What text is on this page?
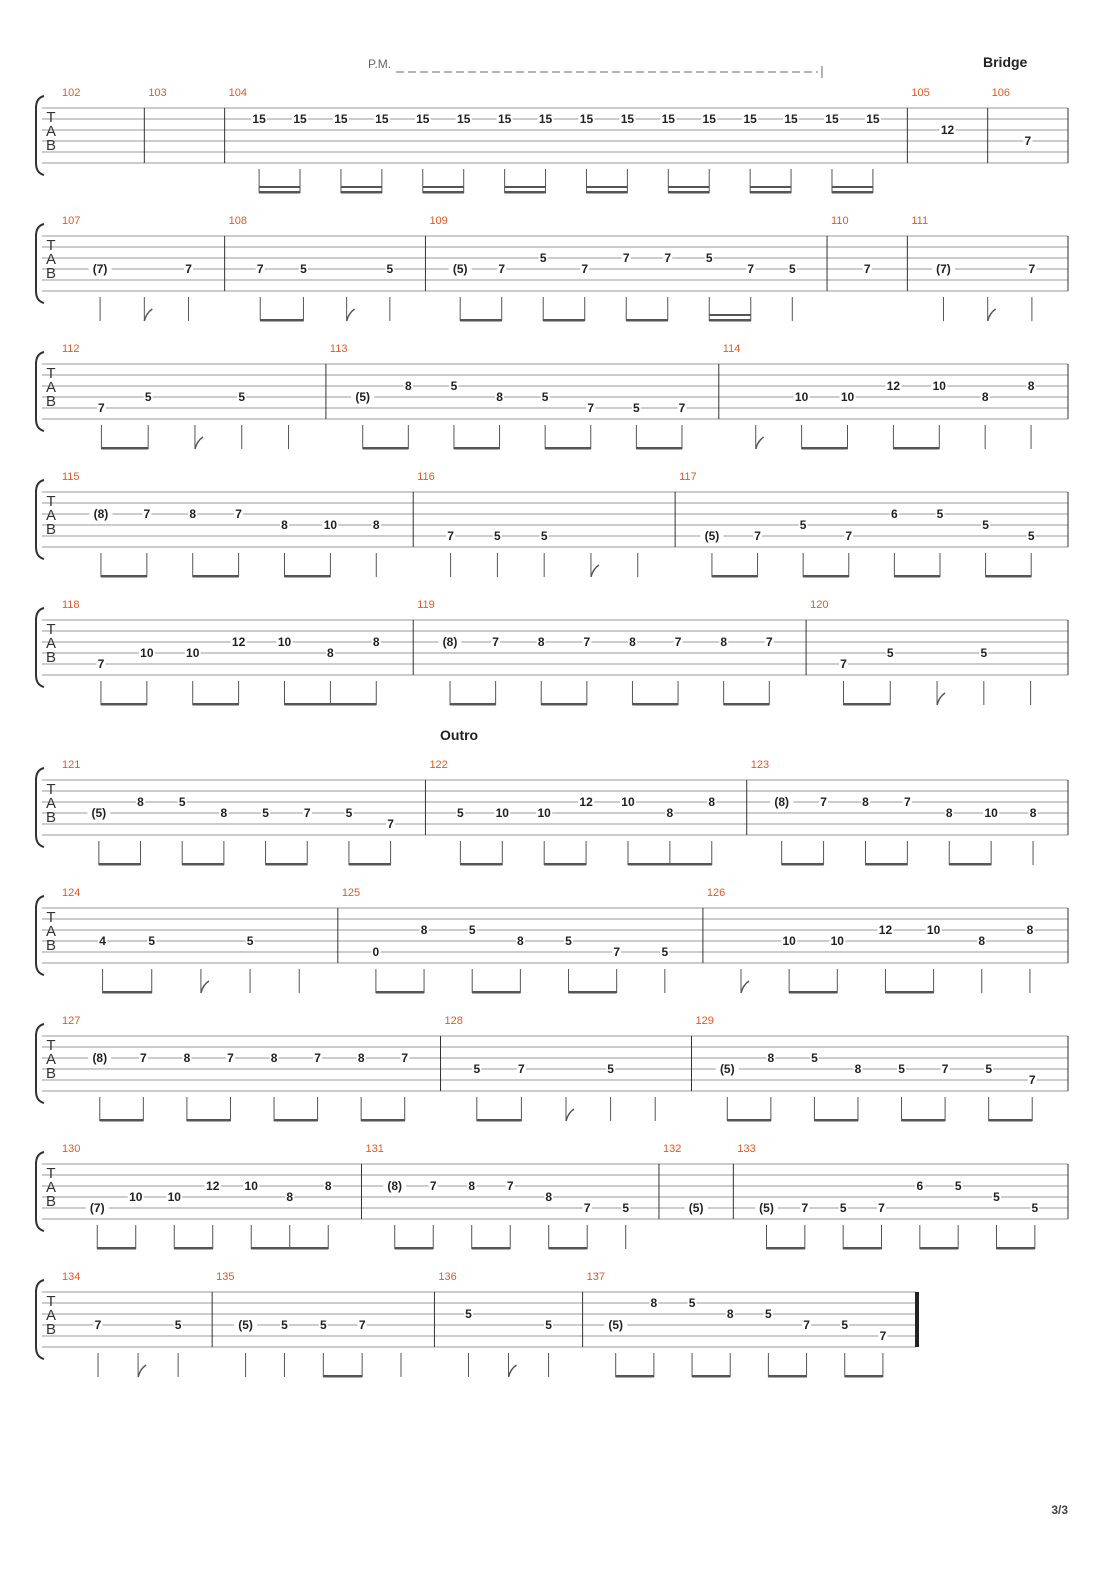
T
A
B
102	103	104
15 15 15 15 15 15 15 15 15 15 15 15 15 15 15 15
105
12
106
7
T
A
B
107
(7)	7
108
7	5	5
109
(5)	7
5
7
7	7	5
7	5
110
7
111
(7)	7
T
A
B
112
7
5	5
113
(5)
8	5
8	5
7	5	7
114
10	10
12	10
8
8
T
A
B
115
(8)	7	8	7
8	10	8
116
7	5	5
117
(5)	7
5
7
6	5
5
5
T
A
B
118
7
10	10
12	10
8
8
119
(8)	7	8	7	8	7	8	7
120
7
5	5
T
A
B
121
(5)
8	5
8	5	7	5
7
122
5	10 10
12 10
8
8
123
(8)	7	8	7
8	10	8
T
A
B
124
4	5	5
125
0
8	5
8	5
7	5
126
10	10
12	10
8
8
T
A
B
127
(8)	7	8	7	8	7	8	7
128
5	7	5
129
(5)
8	5
8	5	7	5
7
T
A
B
130
(7)
10 10
12 10
8
8
131
(8) 7	8	7
8
7	5
132
(5)
133
(5) 7	5	7
6	5
5
5
T
A
B
134
7	5
135
(5) 5	5	7
136
5
5
137
(5)
8	5
8	5
7	5
7
P.M.	Bridge
Outro
3/3
